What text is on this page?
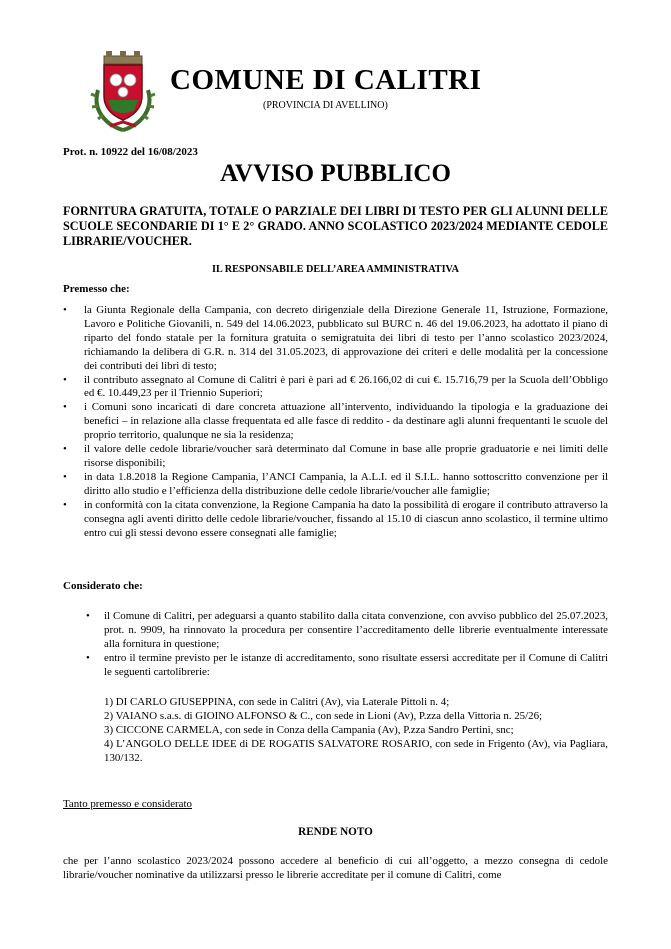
COMUNE DI CALITRI
(PROVINCIA DI AVELLINO)
Prot. n. 10922 del 16/08/2023
AVVISO PUBBLICO
FORNITURA GRATUITA, TOTALE O PARZIALE DEI LIBRI DI TESTO PER GLI ALUNNI DELLE SCUOLE SECONDARIE DI 1° E 2° GRADO. ANNO SCOLASTICO 2023/2024 MEDIANTE CEDOLE LIBRARIE/VOUCHER.
IL RESPONSABILE DELL’AREA AMMINISTRATIVA
Premesso che:
• la Giunta Regionale della Campania, con decreto dirigenziale della Direzione Generale 11, Istruzione, Formazione, Lavoro e Politiche Giovanili, n. 549 del 14.06.2023, pubblicato sul BURC n. 46 del 19.06.2023, ha adottato il piano di riparto del fondo statale per la fornitura gratuita o semigratuita dei libri di testo per l’anno scolastico 2023/2024, richiamando la delibera di G.R. n. 314 del 31.05.2023, di approvazione dei criteri e delle modalità per la concessione dei contributi dei libri di testo;
• il contributo assegnato al Comune di Calitri è pari è pari ad € 26.166,02 di cui €. 15.716,79 per la Scuola dell’Obbligo ed €. 10.449,23 per il Triennio Superiori;
• i Comuni sono incaricati di dare concreta attuazione all’intervento, individuando la tipologia e la graduazione dei benefici – in relazione alla classe frequentata ed alle fasce di reddito - da destinare agli alunni frequentanti le scuole del proprio territorio, qualunque ne sia la residenza;
• il valore delle cedole librarie/voucher sarà determinato dal Comune in base alle proprie graduatorie e nei limiti delle risorse disponibili;
• in data 1.8.2018 la Regione Campania, l’ANCI Campania, la A.L.I. ed il S.I.L. hanno sottoscritto convenzione per il diritto allo studio e l’efficienza della distribuzione delle cedole librarie/voucher alle famiglie;
• in conformità con la citata convenzione, la Regione Campania ha dato la possibilità di erogare il contributo attraverso la consegna agli aventi diritto delle cedole librarie/voucher, fissando al 15.10 di ciascun anno scolastico, il termine ultimo entro cui gli stessi devono essere consegnati alle famiglie;
Considerato che:
• il Comune di Calitri, per adeguarsi a quanto stabilito dalla citata convenzione, con avviso pubblico del 25.07.2023, prot. n. 9909, ha rinnovato la procedura per consentire l’accreditamento delle librerie eventualmente interessate alla fornitura in questione;
• entro il termine previsto per le istanze di accreditamento, sono risultate essersi accreditate per il Comune di Calitri le seguenti cartolibrerie:
1) DI CARLO GIUSEPPINA, con sede in Calitri (Av), via Laterale Pittoli n. 4;
2) VAIANO s.a.s. di GIOINO ALFONSO & C., con sede in Lioni (Av), P.zza della Vittoria n. 25/26;
3) CICCONE CARMELA, con sede in Conza della Campania (Av), P.zza Sandro Pertini, snc;
4) L’ANGOLO DELLE IDEE di DE ROGATIS SALVATORE ROSARIO, con sede in Frigento (Av), via Pagliara, 130/132.
Tanto premesso e considerato
RENDE NOTO
che per l’anno scolastico 2023/2024 possono accedere al beneficio di cui all’oggetto, a mezzo consegna di cedole librarie/voucher nominative da utilizzarsi presso le librerie accreditate per il comune di Calitri, come
